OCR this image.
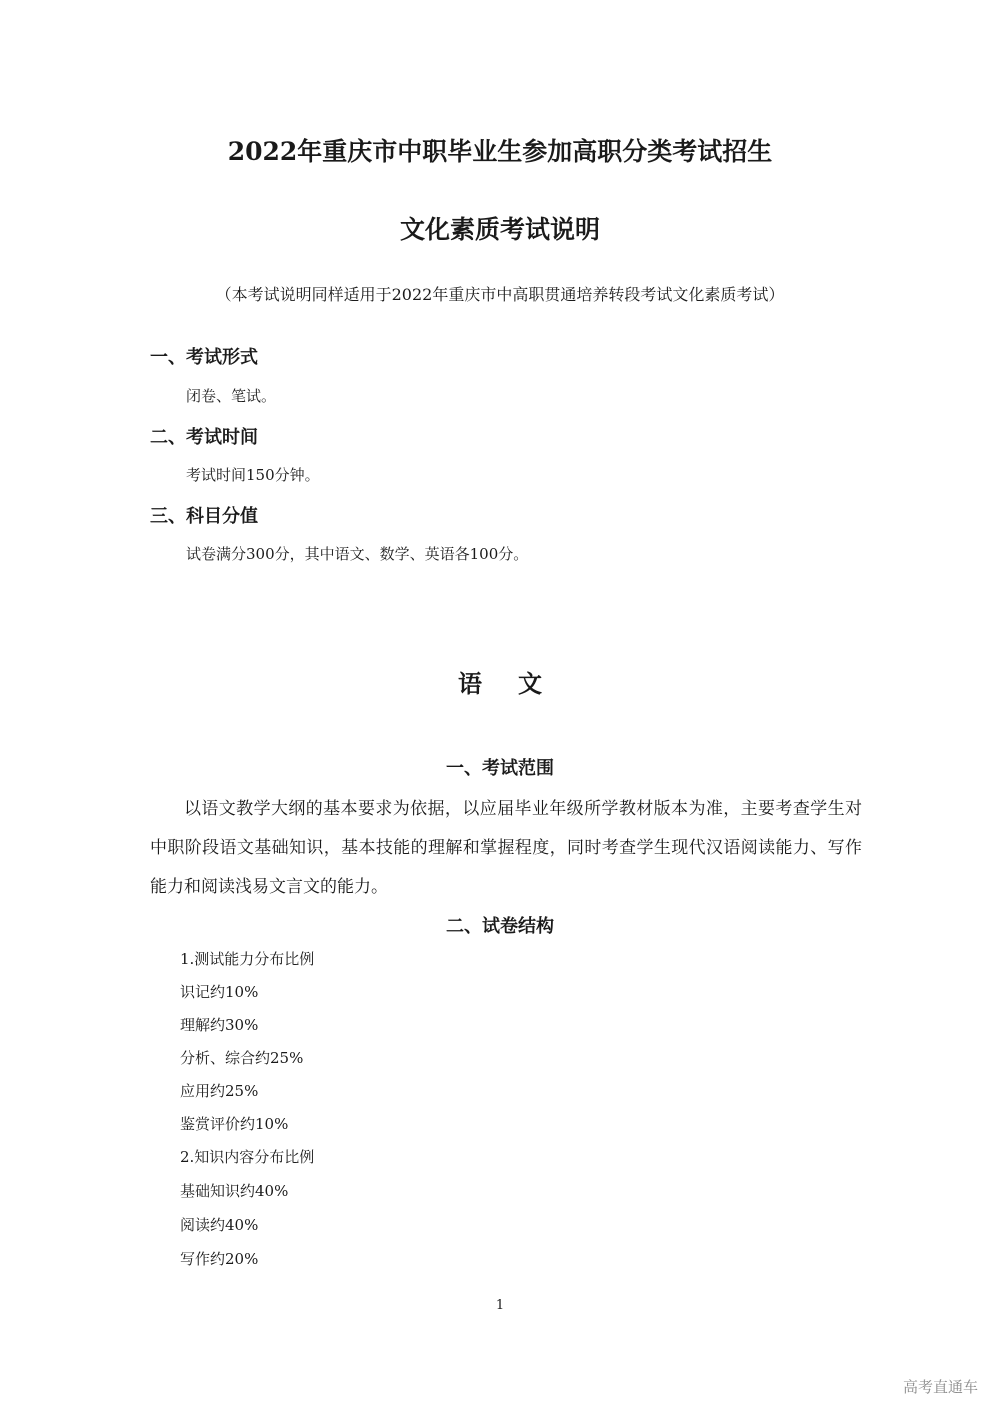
2022年重庆市中职毕业生参加高职分类考试招生
文化素质考试说明
（本考试说明同样适用于2022年重庆市中高职贯通培养转段考试文化素质考试）
一、考试形式
闭卷、笔试。
二、考试时间
考试时间150分钟。
三、科目分值
试卷满分300分，其中语文、数学、英语各100分。
语文
一、考试范围
以语文教学大纲的基本要求为依据，以应届毕业年级所学教材版本为准，主要考查学生对中职阶段语文基础知识，基本技能的理解和掌握程度，同时考查学生现代汉语阅读能力、写作能力和阅读浅易文言文的能力。
二、试卷结构
1.测试能力分布比例
识记约10%
理解约30%
分析、综合约25%
应用约25%
鉴赏评价约10%
2.知识内容分布比例
基础知识约40%
阅读约40%
写作约20%
1
高考直通车
